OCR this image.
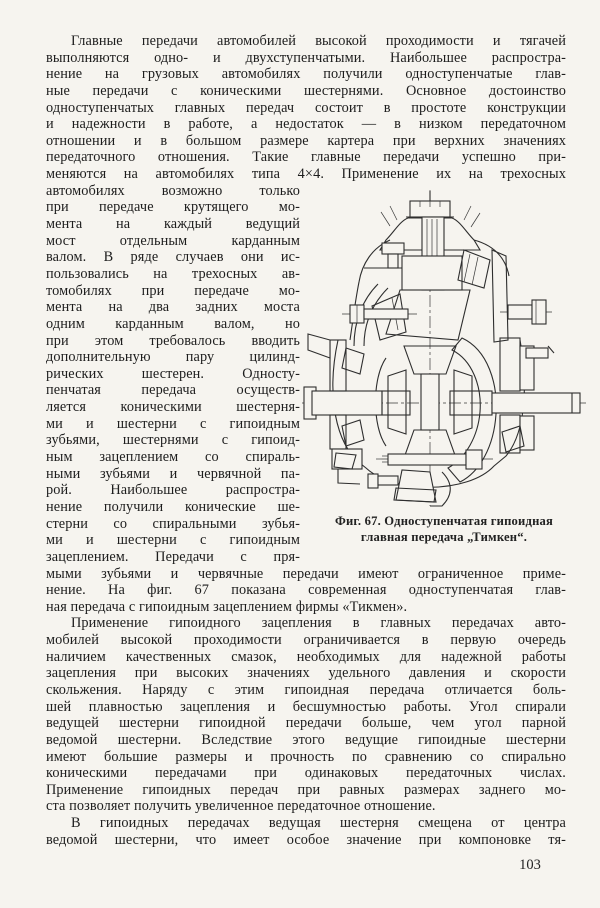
Главные передачи автомобилей высокой проходимости и тягачей
выполняются одно- и двухступенчатыми. Наибольшее распростра-
нение на грузовых автомобилях получили одноступенчатые глав-
ные передачи с коническими шестернями. Основное достоинство
одноступенчатых главных передач состоит в простоте конструкции
и надежности в работе, а недостаток — в низком передаточном
отношении и в большом размере картера при верхних значениях
передаточного отношения. Такие главные передачи успешно при-
меняются на автомобилях типа 4×4. Применение их на трехосных
автомобилях возможно только
при передаче крутящего мо-
мента на каждый ведущий
мост отдельным карданным
валом. В ряде случаев они ис-
пользовались на трехосных ав-
томобилях при передаче мо-
мента на два задних моста
одним карданным валом, но
при этом требовалось вводить
дополнительную пару цилинд-
рических шестерен. Односту-
пенчатая передача осуществ-
ляется коническими шестерня-
ми и шестерни с гипоидным
зубьями, шестернями с гипоид-
ным зацеплением со спираль-
ными зубьями и червячной па-
рой. Наибольшее распростра-
нение получили конические ше-
стерни со спиральными зубья-
ми и шестерни с гипоидным
зацеплением. Передачи с пря-
мыми зубьями и червячные передачи имеют ограниченное приме-
нение. На фиг. 67 показана современная одноступенчатая глав-
ная передача с гипоидным зацеплением фирмы «Тикмен».
Применение гипоидного зацепления в главных передачах авто-
мобилей высокой проходимости ограничивается в первую очередь
наличием качественных смазок, необходимых для надежной работы
зацепления при высоких значениях удельного давления и скорости
скольжения. Наряду с этим гипоидная передача отличается боль-
шей плавностью зацепления и бесшумностью работы. Угол спирали
ведущей шестерни гипоидной передачи больше, чем угол парной
ведомой шестерни. Вследствие этого ведущие гипоидные шестерни
имеют большие размеры и прочность по сравнению со спирально
коническими передачами при одинаковых передаточных числах.
Применение гипоидных передач при равных размерах заднего мо-
ста позволяет получить увеличенное передаточное отношение.
В гипоидных передачах ведущая шестерня смещена от центра
ведомой шестерни, что имеет особое значение при компоновке тя-
Фиг. 67. Одноступенчатая гипоидная
главная передача „Тимкен“.
103
